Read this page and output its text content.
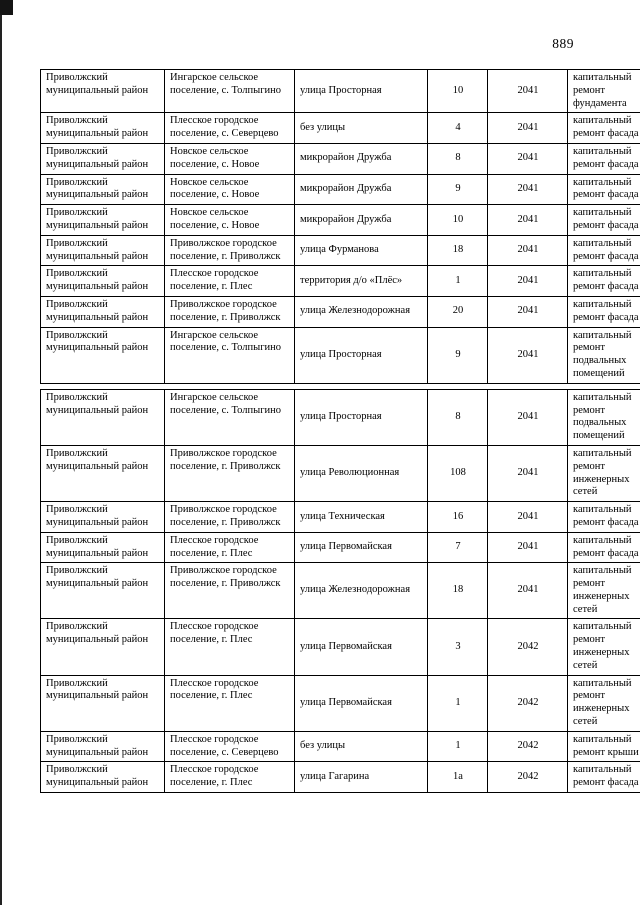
889
Приволжский муниципальный район	Ингарское сельское поселение, с. Толпыгино	улица Просторная	10	2041	капитальный ремонт фундамента
Приволжский муниципальный район	Плесское городское поселение, с. Северцево	без улицы	4	2041	капитальный ремонт фасада
Приволжский муниципальный район	Новское сельское поселение, с. Новое	микрорайон Дружба	8	2041	капитальный ремонт фасада
Приволжский муниципальный район	Новское сельское поселение, с. Новое	микрорайон Дружба	9	2041	капитальный ремонт фасада
Приволжский муниципальный район	Новское сельское поселение, с. Новое	микрорайон Дружба	10	2041	капитальный ремонт фасада
Приволжский муниципальный район	Приволжское городское поселение, г. Приволжск	улица Фурманова	18	2041	капитальный ремонт фасада
Приволжский муниципальный район	Плесское городское поселение, г. Плес	территория д/о «Плёс»	1	2041	капитальный ремонт фасада
Приволжский муниципальный район	Приволжское городское поселение, г. Приволжск	улица Железнодорожная	20	2041	капитальный ремонт фасада
Приволжский муниципальный район	Ингарское сельское поселение, с. Толпыгино	улица Просторная	9	2041	капитальный ремонт подвальных помещений
Приволжский муниципальный район	Ингарское сельское поселение, с. Толпыгино	улица Просторная	8	2041	капитальный ремонт подвальных помещений
Приволжский муниципальный район	Приволжское городское поселение, г. Приволжск	улица Революционная	108	2041	капитальный ремонт инженерных сетей
Приволжский муниципальный район	Приволжское городское поселение, г. Приволжск	улица Техническая	16	2041	капитальный ремонт фасада
Приволжский муниципальный район	Плесское городское поселение, г. Плес	улица Первомайская	7	2041	капитальный ремонт фасада
Приволжский муниципальный район	Приволжское городское поселение, г. Приволжск	улица Железнодорожная	18	2041	капитальный ремонт инженерных сетей
Приволжский муниципальный район	Плесское городское поселение, г. Плес	улица Первомайская	3	2042	капитальный ремонт инженерных сетей
Приволжский муниципальный район	Плесское городское поселение, г. Плес	улица Первомайская	1	2042	капитальный ремонт инженерных сетей
Приволжский муниципальный район	Плесское городское поселение, с. Северцево	без улицы	1	2042	капитальный ремонт крыши
Приволжский муниципальный район	Плесское городское поселение, г. Плес	улица Гагарина	1а	2042	капитальный ремонт фасада
